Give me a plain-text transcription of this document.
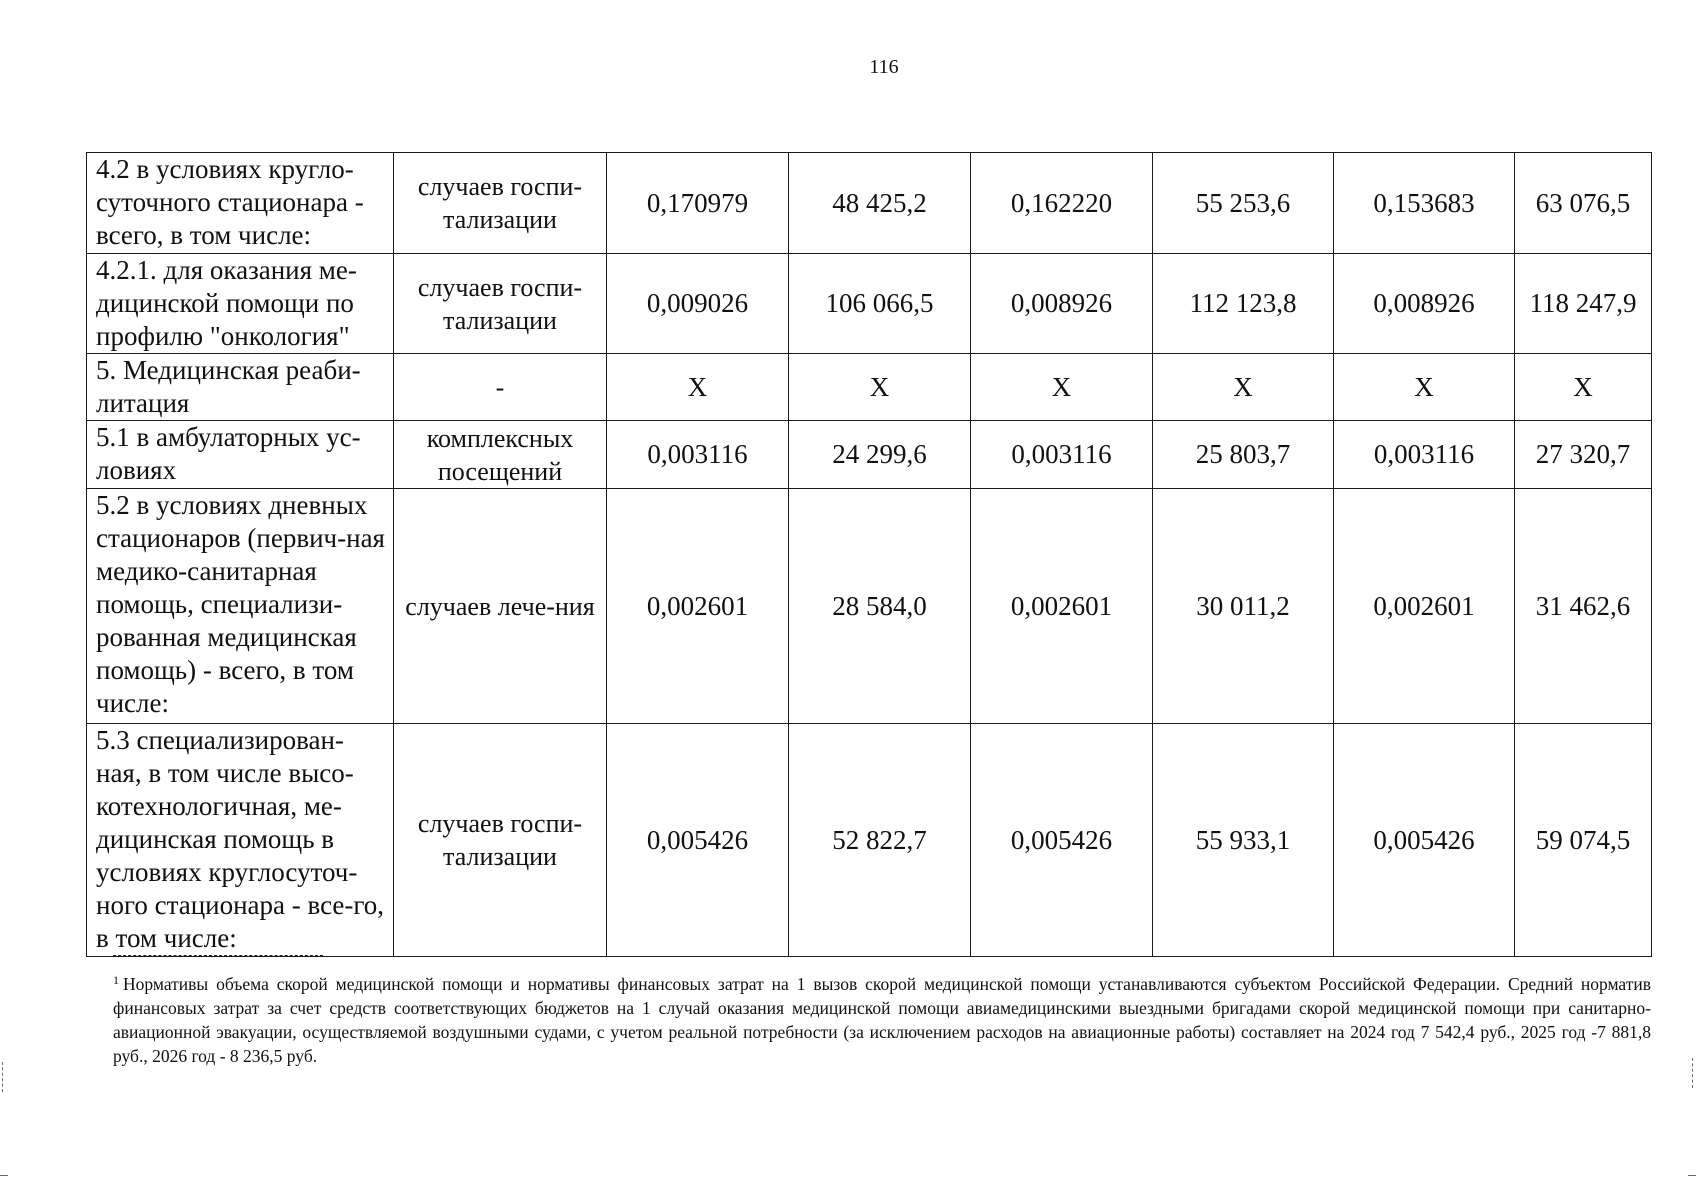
116
4.2 в условиях кругло-суточного стационара - всего, в том числе:	случаев госпи-тализации	0,170979	48 425,2	0,162220	55 253,6	0,153683	63 076,5
4.2.1. для оказания ме-дицинской помощи по профилю "онкология"	случаев госпи-тализации	0,009026	106 066,5	0,008926	112 123,8	0,008926	118 247,9
5. Медицинская реаби-литация	-	X	X	X	X	X	X
5.1 в амбулаторных ус-ловиях	комплексных посещений	0,003116	24 299,6	0,003116	25 803,7	0,003116	27 320,7
5.2 в условиях дневных стационаров (первич-ная медико-санитарная помощь, специализи-рованная медицинская помощь) - всего, в том числе:	случаев лече-ния	0,002601	28 584,0	0,002601	30 011,2	0,002601	31 462,6
5.3 специализирован-ная, в том числе высо-котехнологичная, ме-дицинская помощь в условиях круглосуточ-ного стационара - все-го, в том числе:	случаев госпи-тализации	0,005426	52 822,7	0,005426	55 933,1	0,005426	59 074,5
$^1$ Нормативы объема скорой медицинской помощи и нормативы финансовых затрат на 1 вызов скорой медицинской помощи устанавливаются субъектом Российской Федерации. Средний норматив финансовых затрат за счет средств соответствующих бюджетов на 1 случай оказания медицинской помощи авиамедицинскими выездными бригадами скорой медицинской помощи при санитарно-авиационной эвакуации, осуществляемой воздушными судами, с учетом реальной потребности (за исключением расходов на авиационные работы) составляет на 2024 год 7 542,4 руб., 2025 год -7 881,8 руб., 2026 год - 8 236,5 руб.
